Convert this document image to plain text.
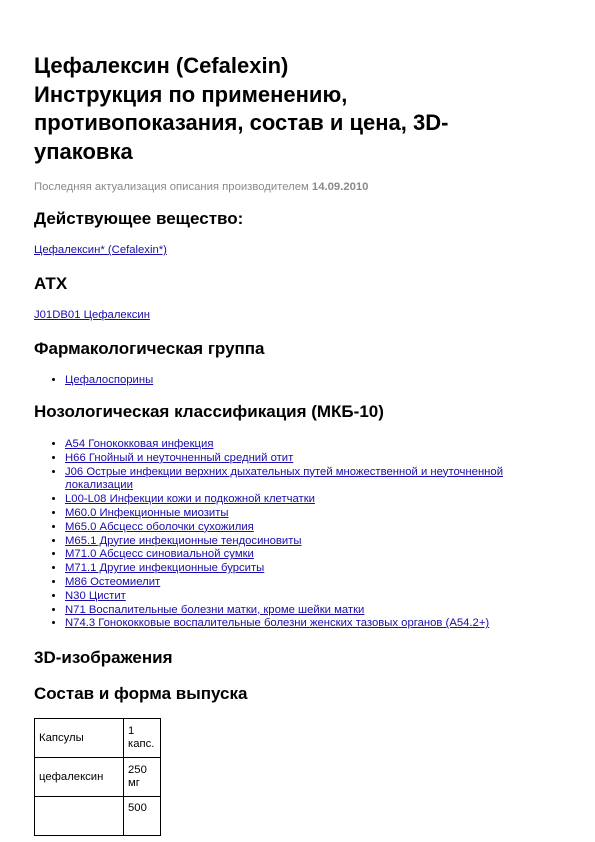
Цефалексин (Cefalexin)
Инструкция по применению,
противопоказания, состав и цена, 3D-
упаковка
Последняя актуализация описания производителем 14.09.2010
Действующее вещество:
Цефалексин* (Cefalexin*)
АТХ
J01DB01 Цефалексин
Фармакологическая группа
• Цефалоспорины
Нозологическая классификация (МКБ-10)
• A54 Гонококковая инфекция
• H66 Гнойный и неуточненный средний отит
• J06 Острые инфекции верхних дыхательных путей множественной и неуточненной
локализации
• L00-L08 Инфекции кожи и подкожной клетчатки
• M60.0 Инфекционные миозиты
• M65.0 Абсцесс оболочки сухожилия
• M65.1 Другие инфекционные тендосиновиты
• M71.0 Абсцесс синовиальной сумки
• M71.1 Другие инфекционные бурситы
• M86 Остеомиелит
• N30 Цистит
• N71 Воспалительные болезни матки, кроме шейки матки
• N74.3 Гонококковые воспалительные болезни женских тазовых органов (A54.2+)
3D-изображения
Состав и форма выпуска
Капсулы	1 капс.
цефалексин	250 мг
	500
